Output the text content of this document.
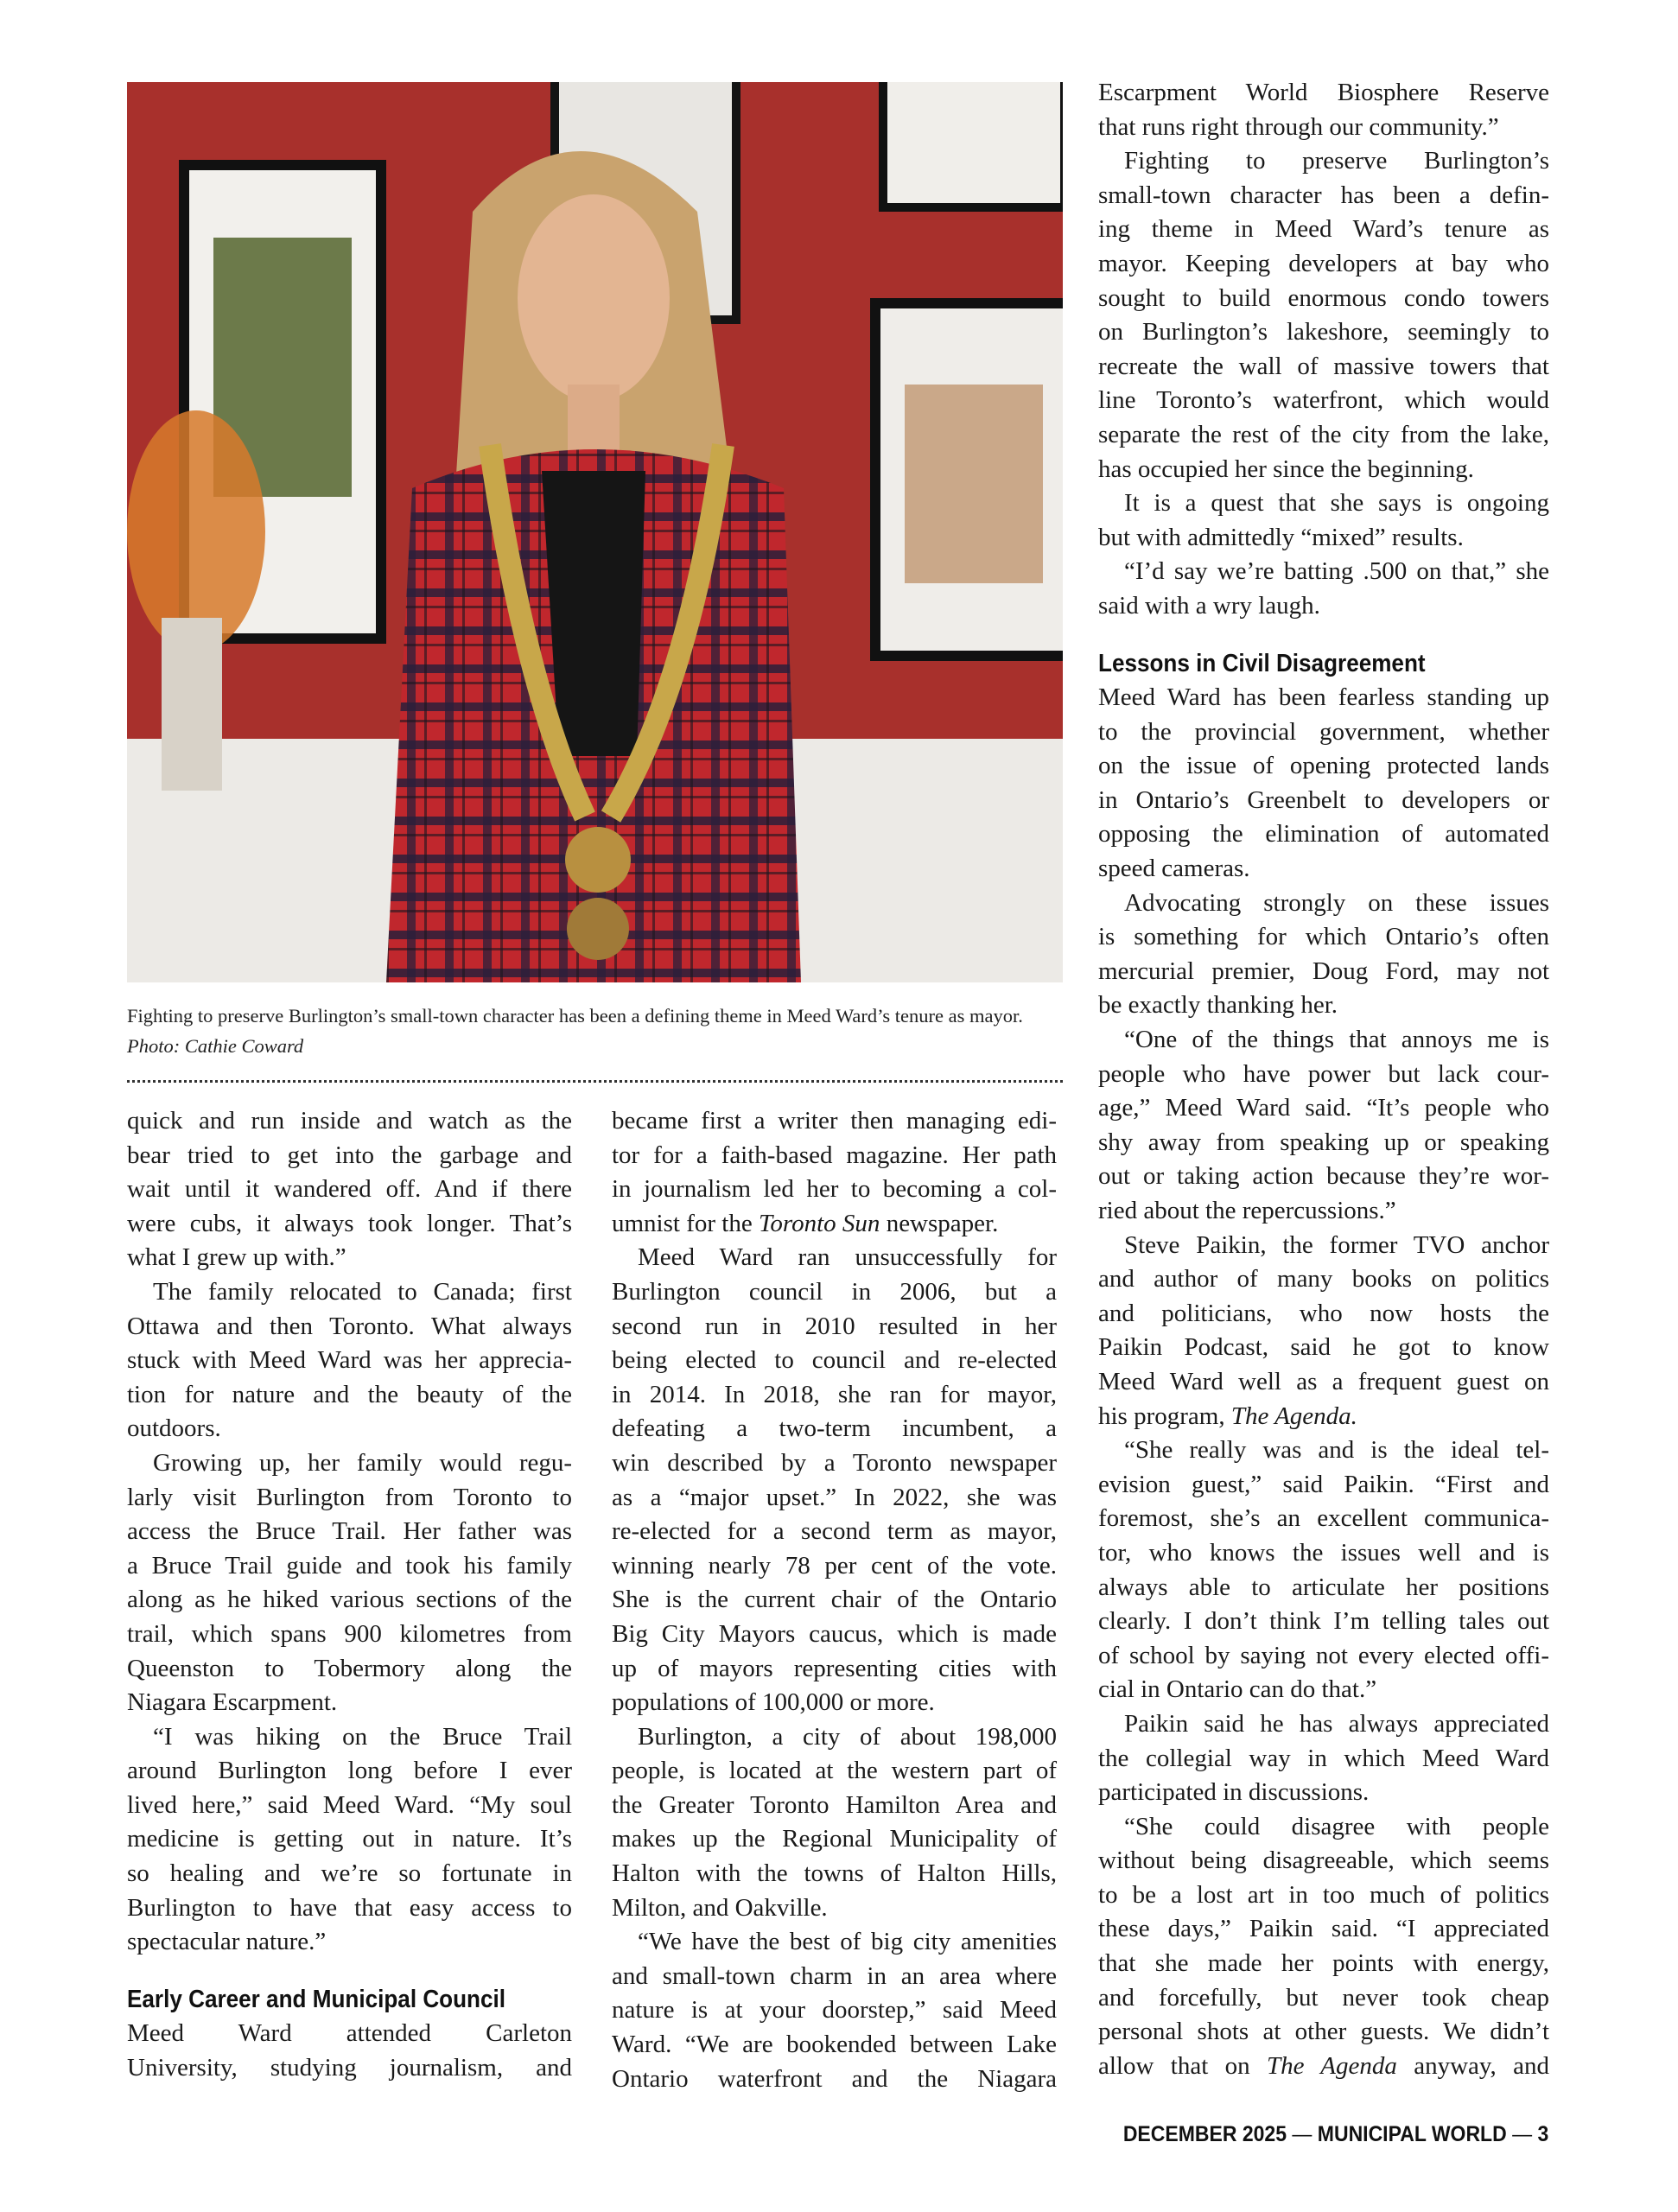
Fighting to preserve Burlington’s small-town character has been a defining theme in Meed Ward’s tenure as mayor. Photo: Cathie Coward
quick and run inside and watch as the
bear tried to get into the garbage and
wait until it wandered off. And if there
were cubs, it always took longer. That’s
what I grew up with.”
The family relocated to Canada; first
Ottawa and then Toronto. What always
stuck with Meed Ward was her apprecia-
tion for nature and the beauty of the
outdoors.
Growing up, her family would regu-
larly visit Burlington from Toronto to
access the Bruce Trail. Her father was
a Bruce Trail guide and took his family
along as he hiked various sections of the
trail, which spans 900 kilometres from
Queenston to Tobermory along the
Niagara Escarpment.
“I was hiking on the Bruce Trail
around Burlington long before I ever
lived here,” said Meed Ward. “My soul
medicine is getting out in nature. It’s
so healing and we’re so fortunate in
Burlington to have that easy access to
spectacular nature.”
Early Career and Municipal Council
Meed Ward attended Carleton
University, studying journalism, and
became first a writer then managing edi-
tor for a faith-based magazine. Her path
in journalism led her to becoming a col-
umnist for the Toronto Sun newspaper.
Meed Ward ran unsuccessfully for
Burlington council in 2006, but a
second run in 2010 resulted in her
being elected to council and re-elected
in 2014. In 2018, she ran for mayor,
defeating a two-term incumbent, a
win described by a Toronto newspaper
as a “major upset.” In 2022, she was
re-elected for a second term as mayor,
winning nearly 78 per cent of the vote.
She is the current chair of the Ontario
Big City Mayors caucus, which is made
up of mayors representing cities with
populations of 100,000 or more.
Burlington, a city of about 198,000
people, is located at the western part of
the Greater Toronto Hamilton Area and
makes up the Regional Municipality of
Halton with the towns of Halton Hills,
Milton, and Oakville.
“We have the best of big city amenities
and small-town charm in an area where
nature is at your doorstep,” said Meed
Ward. “We are bookended between Lake
Ontario waterfront and the Niagara
Escarpment World Biosphere Reserve
that runs right through our community.”
Fighting to preserve Burlington’s
small-town character has been a defin-
ing theme in Meed Ward’s tenure as
mayor. Keeping developers at bay who
sought to build enormous condo towers
on Burlington’s lakeshore, seemingly to
recreate the wall of massive towers that
line Toronto’s waterfront, which would
separate the rest of the city from the lake,
has occupied her since the beginning.
It is a quest that she says is ongoing
but with admittedly “mixed” results.
“I’d say we’re batting .500 on that,” she
said with a wry laugh.
Lessons in Civil Disagreement
Meed Ward has been fearless standing up
to the provincial government, whether
on the issue of opening protected lands
in Ontario’s Greenbelt to developers or
opposing the elimination of automated
speed cameras.
Advocating strongly on these issues
is something for which Ontario’s often
mercurial premier, Doug Ford, may not
be exactly thanking her.
“One of the things that annoys me is
people who have power but lack cour-
age,” Meed Ward said. “It’s people who
shy away from speaking up or speaking
out or taking action because they’re wor-
ried about the repercussions.”
Steve Paikin, the former TVO anchor
and author of many books on politics
and politicians, who now hosts the
Paikin Podcast, said he got to know
Meed Ward well as a frequent guest on
his program, The Agenda.
“She really was and is the ideal tel-
evision guest,” said Paikin. “First and
foremost, she’s an excellent communica-
tor, who knows the issues well and is
always able to articulate her positions
clearly. I don’t think I’m telling tales out
of school by saying not every elected offi-
cial in Ontario can do that.”
Paikin said he has always appreciated
the collegial way in which Meed Ward
participated in discussions.
“She could disagree with people
without being disagreeable, which seems
to be a lost art in too much of politics
these days,” Paikin said. “I appreciated
that she made her points with energy,
and forcefully, but never took cheap
personal shots at other guests. We didn’t
allow that on The Agenda anyway, and
DECEMBER 2025 — MUNICIPAL WORLD — 3
